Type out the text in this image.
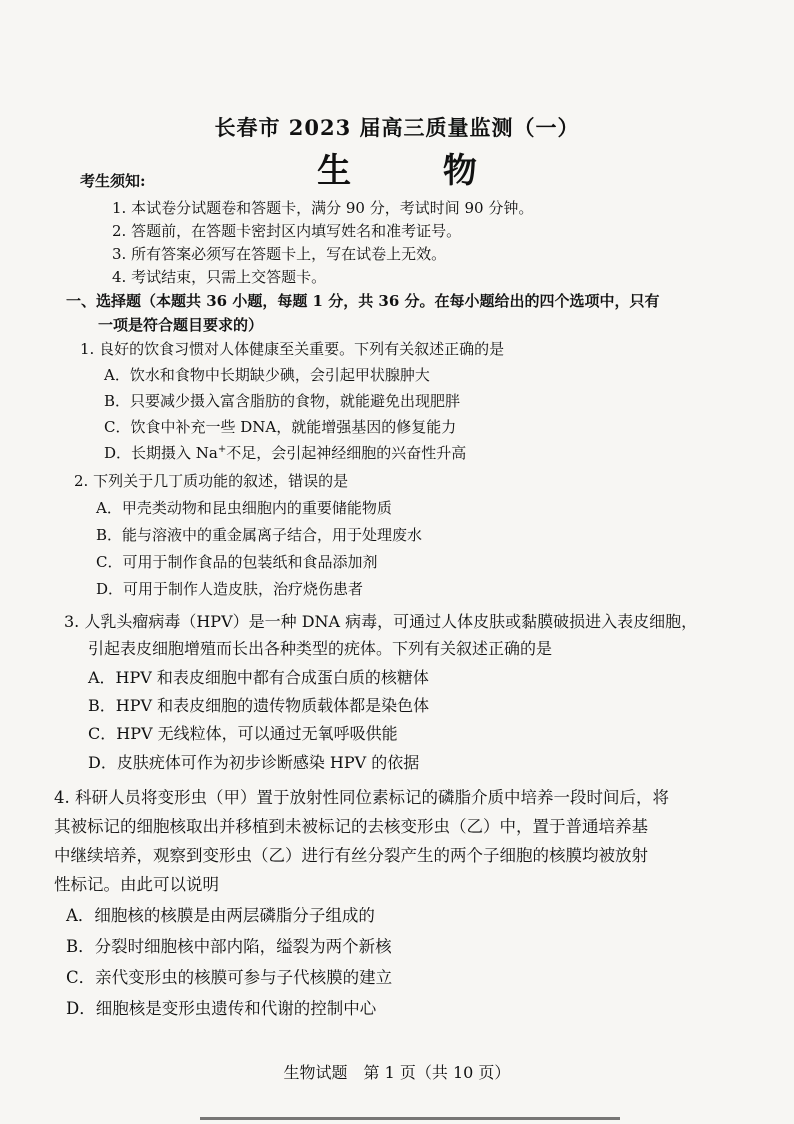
长春市 2023 届高三质量监测（一）
生 物
考生须知:
1. 本试卷分试题卷和答题卡，满分 90 分，考试时间 90 分钟。
2. 答题前，在答题卡密封区内填写姓名和准考证号。
3. 所有答案必须写在答题卡上，写在试卷上无效。
4. 考试结束，只需上交答题卡。
一、选择题（本题共 36 小题，每题 1 分，共 36 分。在每小题给出的四个选项中，只有
一项是符合题目要求的）
1. 良好的饮食习惯对人体健康至关重要。下列有关叙述正确的是
A．饮水和食物中长期缺少碘，会引起甲状腺肿大
B．只要减少摄入富含脂肪的食物，就能避免出现肥胖
C．饮食中补充一些 DNA，就能增强基因的修复能力
D．长期摄入 Na+不足，会引起神经细胞的兴奋性升高
2. 下列关于几丁质功能的叙述，错误的是
A．甲壳类动物和昆虫细胞内的重要储能物质
B．能与溶液中的重金属离子结合，用于处理废水
C．可用于制作食品的包装纸和食品添加剂
D．可用于制作人造皮肤，治疗烧伤患者
3. 人乳头瘤病毒（HPV）是一种 DNA 病毒，可通过人体皮肤或黏膜破损进入表皮细胞，
引起表皮细胞增殖而长出各种类型的疣体。下列有关叙述正确的是
A．HPV 和表皮细胞中都有合成蛋白质的核糖体
B．HPV 和表皮细胞的遗传物质载体都是染色体
C．HPV 无线粒体，可以通过无氧呼吸供能
D．皮肤疣体可作为初步诊断感染 HPV 的依据
4. 科研人员将变形虫（甲）置于放射性同位素标记的磷脂介质中培养一段时间后，将
其被标记的细胞核取出并移植到未被标记的去核变形虫（乙）中，置于普通培养基
中继续培养，观察到变形虫（乙）进行有丝分裂产生的两个子细胞的核膜均被放射
性标记。由此可以说明
A．细胞核的核膜是由两层磷脂分子组成的
B．分裂时细胞核中部内陷，缢裂为两个新核
C．亲代变形虫的核膜可参与子代核膜的建立
D．细胞核是变形虫遗传和代谢的控制中心
生物试题　第 1 页（共 10 页）
